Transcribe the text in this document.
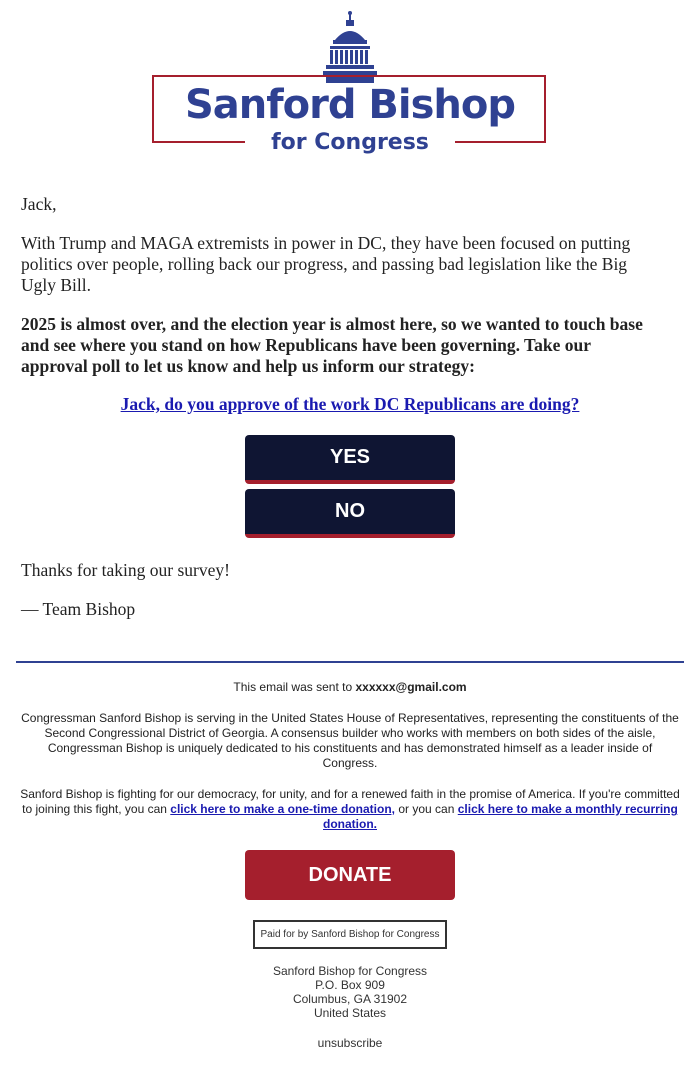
Sanford Bishop
for Congress
Jack,
With Trump and MAGA extremists in power in DC, they have been focused on putting politics over people, rolling back our progress, and passing bad legislation like the Big Ugly Bill.
2025 is almost over, and the election year is almost here, so we wanted to touch base and see where you stand on how Republicans have been governing. Take our approval poll to let us know and help us inform our strategy:
Jack, do you approve of the work DC Republicans are doing?
YES
NO
Thanks for taking our survey!
— Team Bishop
This email was sent to xxxxxx@gmail.com
Congressman Sanford Bishop is serving in the United States House of Representatives, representing the constituents of the Second Congressional District of Georgia. A consensus builder who works with members on both sides of the aisle, Congressman Bishop is uniquely dedicated to his constituents and has demonstrated himself as a leader inside of Congress.
Sanford Bishop is fighting for our democracy, for unity, and for a renewed faith in the promise of America. If you're committed to joining this fight, you can click here to make a one-time donation, or you can click here to make a monthly recurring donation.
DONATE
Paid for by Sanford Bishop for Congress
Sanford Bishop for Congress
P.O. Box 909
Columbus, GA 31902
United States
unsubscribe
